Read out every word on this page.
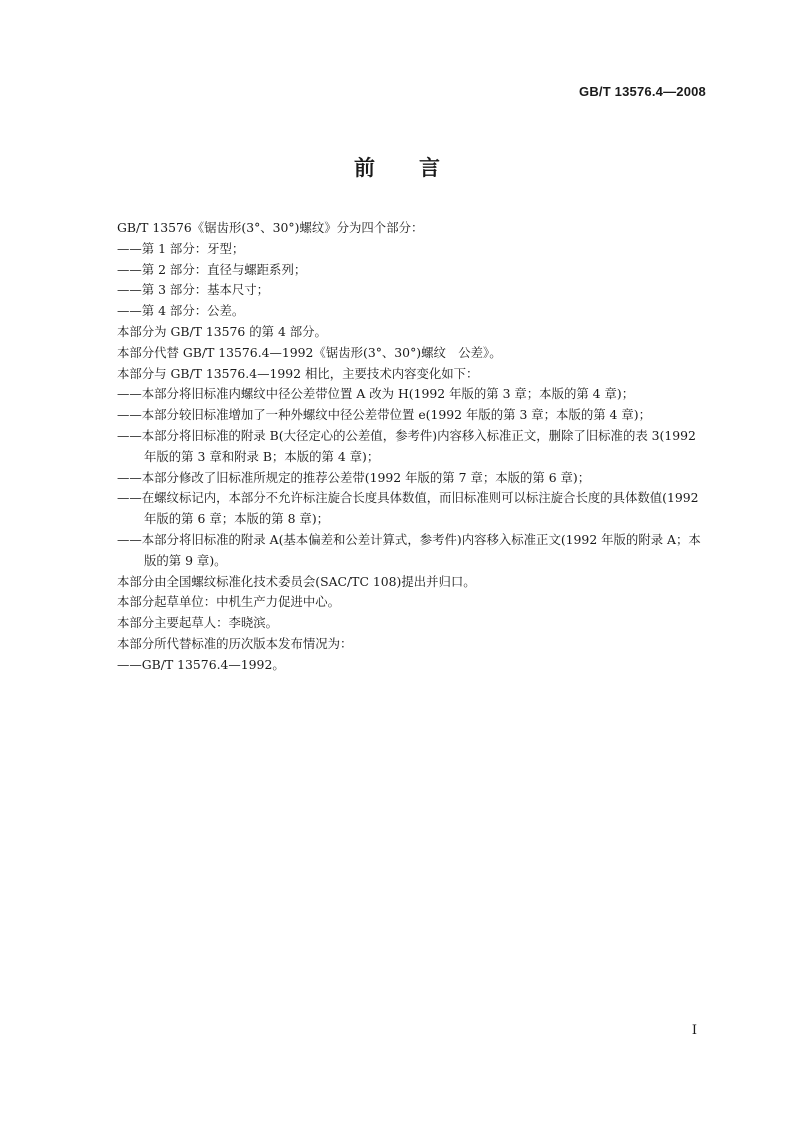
GB/T 13576.4—2008
前言

GB/T 13576《锯齿形(3°、30°)螺纹》分为四个部分：

——第 1 部分：牙型；

——第 2 部分：直径与螺距系列；

——第 3 部分：基本尺寸；

——第 4 部分：公差。

本部分为 GB/T 13576 的第 4 部分。

本部分代替 GB/T 13576.4—1992《锯齿形(3°、30°)螺纹　公差》。

本部分与 GB/T 13576.4—1992 相比，主要技术内容变化如下：

——本部分将旧标准内螺纹中径公差带位置 A 改为 H(1992 年版的第 3 章；本版的第 4 章)；

——本部分较旧标准增加了一种外螺纹中径公差带位置 e(1992 年版的第 3 章；本版的第 4 章)；

——本部分将旧标准的附录 B(大径定心的公差值，参考件)内容移入标准正文，删除了旧标准的表 3(1992 年版的第 3 章和附录 B；本版的第 4 章)；

——本部分修改了旧标准所规定的推荐公差带(1992 年版的第 7 章；本版的第 6 章)；

——在螺纹标记内，本部分不允许标注旋合长度具体数值，而旧标准则可以标注旋合长度的具体数值(1992 年版的第 6 章；本版的第 8 章)；

——本部分将旧标准的附录 A(基本偏差和公差计算式，参考件)内容移入标准正文(1992 年版的附录 A；本版的第 9 章)。

本部分由全国螺纹标准化技术委员会(SAC/TC 108)提出并归口。

本部分起草单位：中机生产力促进中心。

本部分主要起草人：李晓滨。

本部分所代替标准的历次版本发布情况为：

——GB/T 13576.4—1992。

I
